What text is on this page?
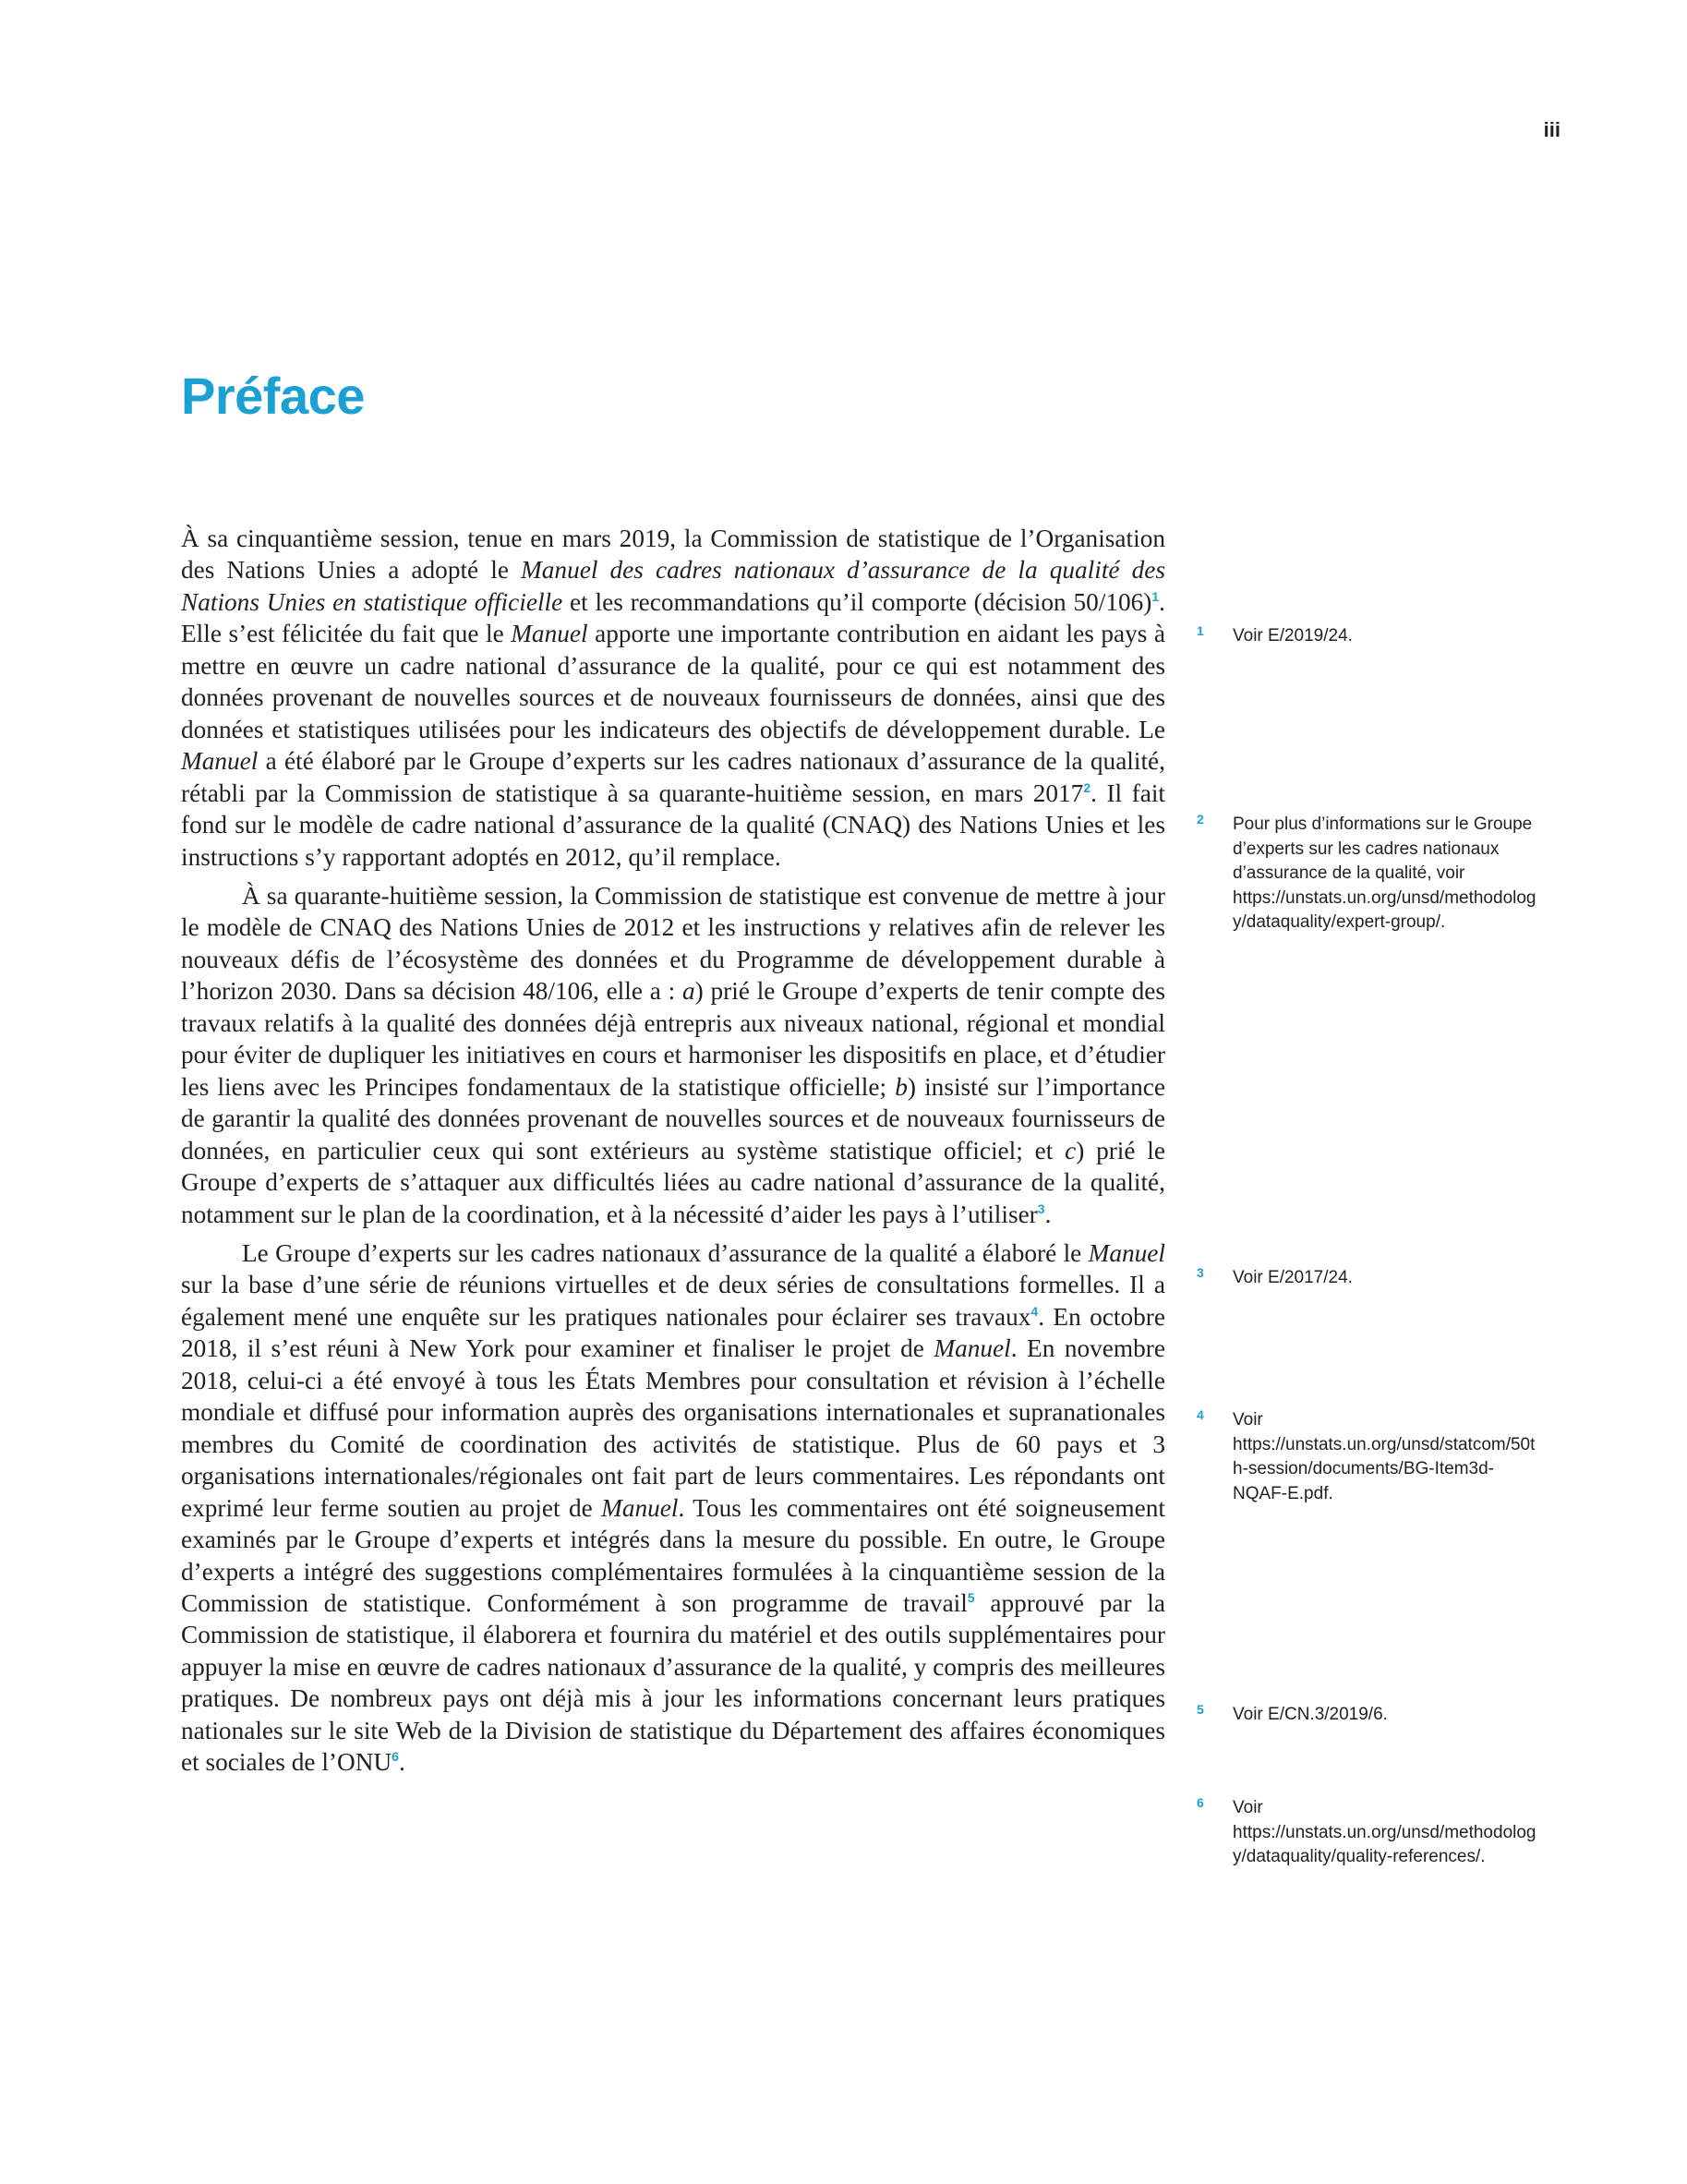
iii
Préface

À sa cinquantième session, tenue en mars 2019, la Commission de statistique de l’Organisation des Nations Unies a adopté le Manuel des cadres nationaux d’assurance de la qualité des Nations Unies en statistique officielle et les recommandations qu’il comporte (décision 50/106)$^1$. Elle s’est félicitée du fait que le Manuel apporte une importante contribution en aidant les pays à mettre en œuvre un cadre national d’assurance de la qualité, pour ce qui est notamment des données provenant de nouvelles sources et de nouveaux fournisseurs de données, ainsi que des données et statistiques utilisées pour les indicateurs des objectifs de développement durable. Le Manuel a été élaboré par le Groupe d’experts sur les cadres nationaux d’assurance de la qualité, rétabli par la Commission de statistique à sa quarante-huitième session, en mars 2017$^2$. Il fait fond sur le modèle de cadre national d’assurance de la qualité (CNAQ) des Nations Unies et les instructions s’y rapportant adoptés en 2012, qu’il remplace.

À sa quarante-huitième session, la Commission de statistique est convenue de mettre à jour le modèle de CNAQ des Nations Unies de 2012 et les instructions y relatives afin de relever les nouveaux défis de l’écosystème des données et du Programme de développement durable à l’horizon 2030. Dans sa décision 48/106, elle a : a) prié le Groupe d’experts de tenir compte des travaux relatifs à la qualité des données déjà entrepris aux niveaux national, régional et mondial pour éviter de dupliquer les initiatives en cours et harmoniser les dispositifs en place, et d’étudier les liens avec les Principes fondamentaux de la statistique officielle; b) insisté sur l’importance de garantir la qualité des données provenant de nouvelles sources et de nouveaux fournisseurs de données, en particulier ceux qui sont extérieurs au système statistique officiel; et c) prié le Groupe d’experts de s’attaquer aux difficultés liées au cadre national d’assurance de la qualité, notamment sur le plan de la coordination, et à la nécessité d’aider les pays à l’utiliser$^3$.

Le Groupe d’experts sur les cadres nationaux d’assurance de la qualité a élaboré le Manuel sur la base d’une série de réunions virtuelles et de deux séries de consultations formelles. Il a également mené une enquête sur les pratiques nationales pour éclairer ses travaux$^4$. En octobre 2018, il s’est réuni à New York pour examiner et finaliser le projet de Manuel. En novembre 2018, celui-ci a été envoyé à tous les États Membres pour consultation et révision à l’échelle mondiale et diffusé pour information auprès des organisations internationales et supranationales membres du Comité de coordination des activités de statistique. Plus de 60 pays et 3 organisations internationales/régionales ont fait part de leurs commentaires. Les répondants ont exprimé leur ferme soutien au projet de Manuel. Tous les commentaires ont été soigneusement examinés par le Groupe d’experts et intégrés dans la mesure du possible. En outre, le Groupe d’experts a intégré des suggestions complémentaires formulées à la cinquantième session de la Commission de statistique. Conformément à son programme de travail$^5$ approuvé par la Commission de statistique, il élaborera et fournira du matériel et des outils supplémentaires pour appuyer la mise en œuvre de cadres nationaux d’assurance de la qualité, y compris des meilleures pratiques. De nombreux pays ont déjà mis à jour les informations concernant leurs pratiques nationales sur le site Web de la Division de statistique du Département des affaires économiques et sociales de l’ONU$^6$.

1 Voir E/2019/24.
2 Pour plus d’informations sur le Groupe d’experts sur les cadres nationaux d’assurance de la qualité, voir https://unstats.un.org/unsd/methodology/dataquality/expert-group/.
3 Voir E/2017/24.
4 Voir https://unstats.un.org/unsd/statcom/50th-session/documents/BG-Item3d-NQAF-E.pdf.
5 Voir E/CN.3/2019/6.
6 Voir https://unstats.un.org/unsd/methodology/dataquality/quality-references/.
